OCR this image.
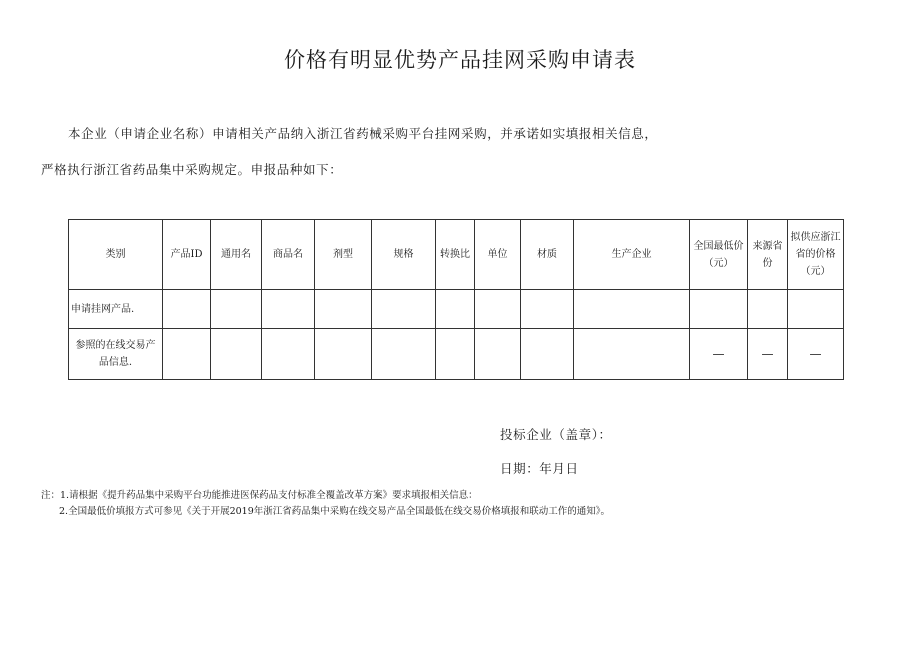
价格有明显优势产品挂网采购申请表
本企业（申请企业名称）申请相关产品纳入浙江省药械采购平台挂网采购，并承诺如实填报相关信息，
严格执行浙江省药品集中采购规定。申报品种如下：
类别	产品ID	通用名	商品名	剂型	规格	转换比	单位	材质	生产企业	全国最低价（元）	来源省份	拟供应浙江省的价格（元）
申请挂网产品.												
参照的在线交易产品信息.										—	—	—
投标企业（盖章）：
日期：年月日
注：1.请根据《提升药品集中采购平台功能推进医保药品支付标准全覆盖改革方案》要求填报相关信息：
2.全国最低价填报方式可参见《关于开展2019年浙江省药品集中采购在线交易产品全国最低在线交易价格填报和联动工作的通知》。
